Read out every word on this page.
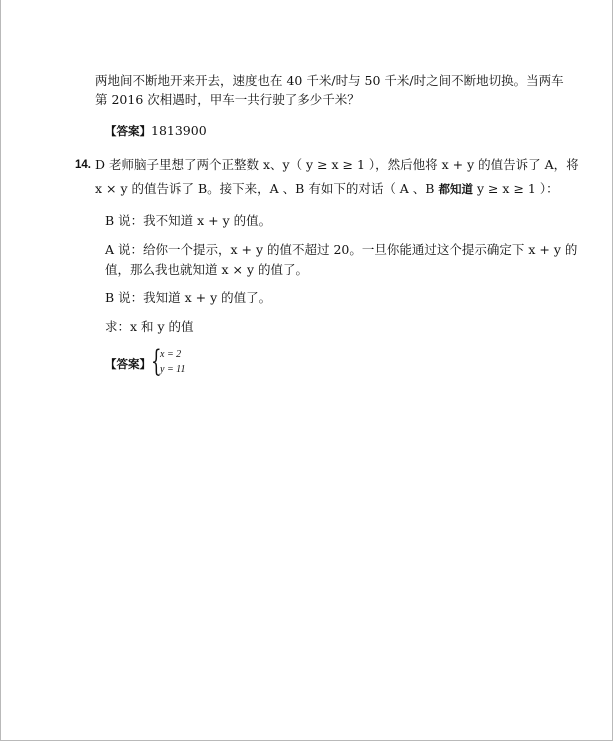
两地间不断地开来开去，速度也在 40 千米/时与 50 千米/时之间不断地切换。当两车
第 2016 次相遇时，甲车一共行驶了多少千米？
【答案】1813900
14. D 老师脑子里想了两个正整数 x、y（ y ≥ x ≥ 1 ），然后他将 x + y 的值告诉了 A，将
x × y 的值告诉了 B。接下来，A 、B 有如下的对话（ A 、B 都知道 y ≥ x ≥ 1 ）：
B 说：我不知道 x + y 的值。
A 说：给你一个提示，x + y 的值不超过 20。一旦你能通过这个提示确定下 x + y 的
值，那么我也就知道 x × y 的值了。
B 说：我知道 x + y 的值了。
求：x 和 y 的值
【答案】 {
x = 2
y = 11
